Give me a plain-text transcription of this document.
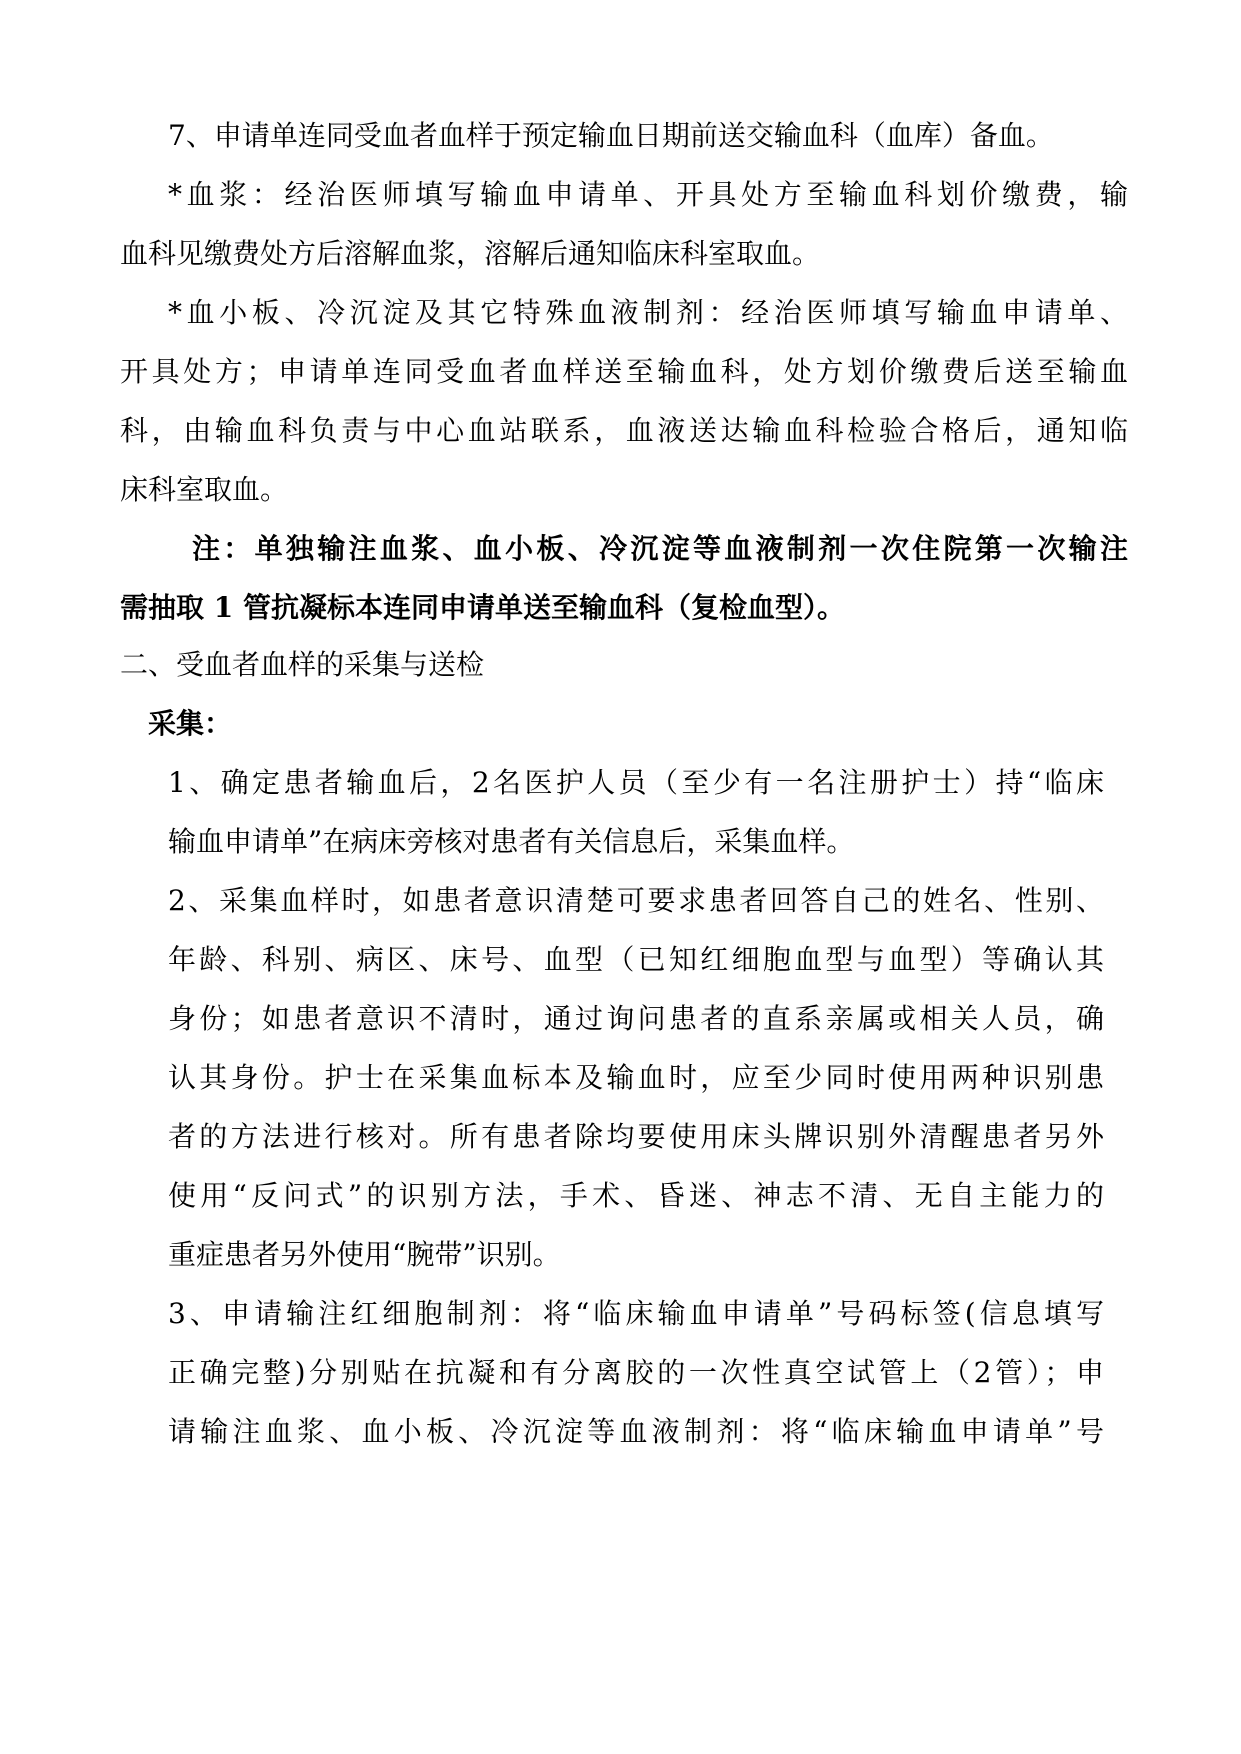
7、申请单连同受血者血样于预定输血日期前送交输血科（血库）备血。
*血浆：经治医师填写输血申请单、开具处方至输血科划价缴费，输
血科见缴费处方后溶解血浆，溶解后通知临床科室取血。
*血小板、冷沉淀及其它特殊血液制剂：经治医师填写输血申请单、
开具处方；申请单连同受血者血样送至输血科，处方划价缴费后送至输血
科，由输血科负责与中心血站联系，血液送达输血科检验合格后，通知临
床科室取血。
注：单独输注血浆、血小板、冷沉淀等血液制剂一次住院第一次输注
需抽取 1 管抗凝标本连同申请单送至输血科（复检血型）。
二、受血者血样的采集与送检
采集：
1、确定患者输血后，2名医护人员（至少有一名注册护士）持“临床
输血申请单”在病床旁核对患者有关信息后，采集血样。
2、采集血样时，如患者意识清楚可要求患者回答自己的姓名、性别、
年龄、科别、病区、床号、血型（已知红细胞血型与血型）等确认其
身份；如患者意识不清时，通过询问患者的直系亲属或相关人员，确
认其身份。护士在采集血标本及输血时，应至少同时使用两种识别患
者的方法进行核对。所有患者除均要使用床头牌识别外清醒患者另外
使用“反问式”的识别方法，手术、昏迷、神志不清、无自主能力的
重症患者另外使用“腕带”识别。
3、申请输注红细胞制剂：将“临床输血申请单”号码标签(信息填写
正确完整)分别贴在抗凝和有分离胶的一次性真空试管上（2管）；申
请输注血浆、血小板、冷沉淀等血液制剂：将“临床输血申请单”号
